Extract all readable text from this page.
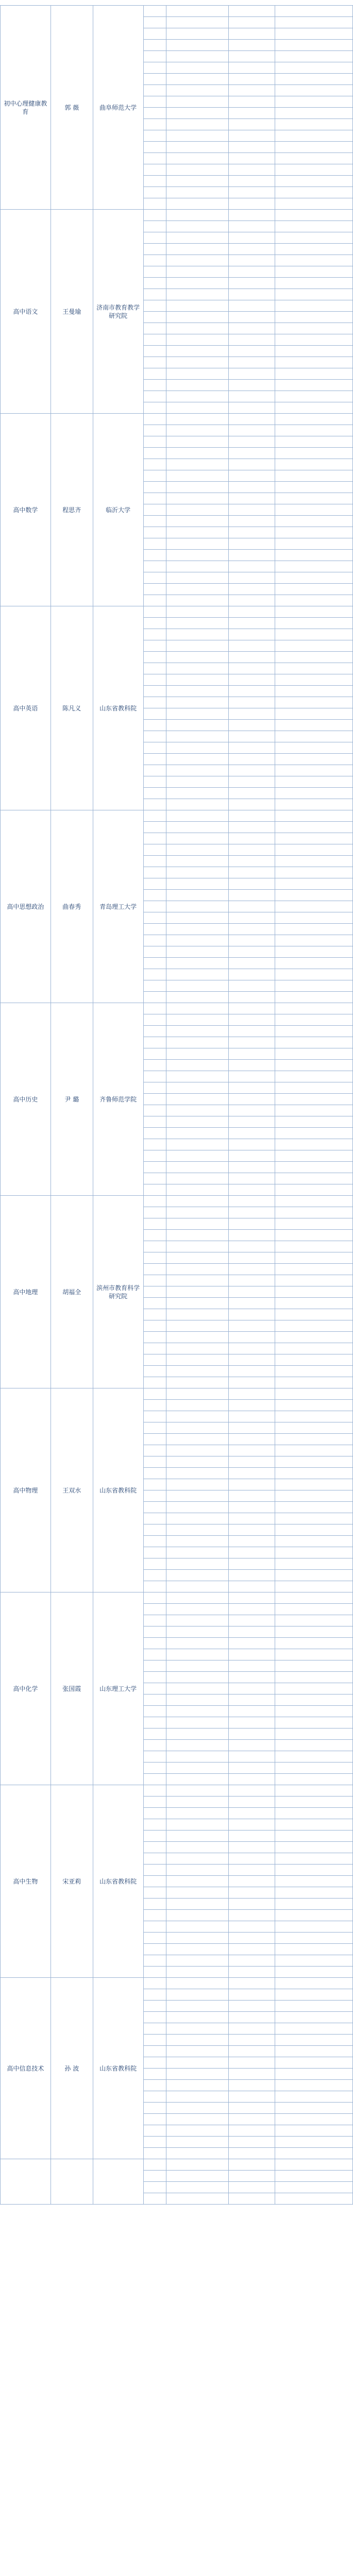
初中心理健康教育	郭 薇	曲阜师范大学				

高中语文	王曼瑜	济南市教育教学研究院				

高中数学	程思齐	临沂大学				

高中英语	陈凡义	山东省教科院				

高中思想政治	曲春秀	青岛理工大学				

高中历史	尹 璐	齐鲁师范学院				

高中地理	胡福全	滨州市教育科学研究院				

高中物理	王双水	山东省教科院				

高中化学	张国霞	山东理工大学				

高中生物	宋亚莉	山东省教科院				

高中信息技术	孙 波	山东省教科院				
